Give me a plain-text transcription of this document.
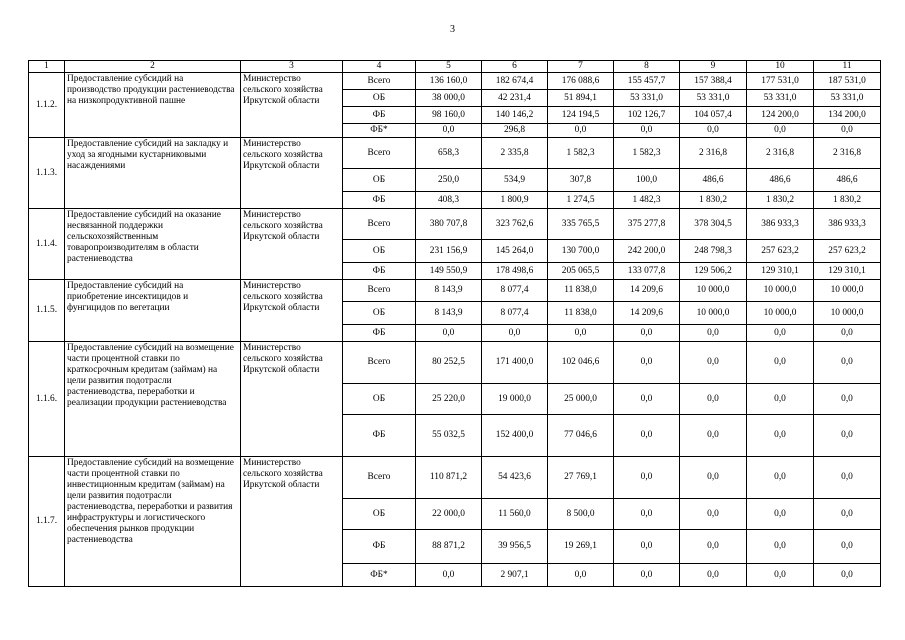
3
1	2	3	4	5	6	7	8	9	10	11
1.1.2.	Предоставление субсидий на производство продукции растениеводства на низкопродуктивной пашне	Министерство сельского хозяйства Иркутской области	Всего	136 160,0	182 674,4	176 088,6	155 457,7	157 388,4	177 531,0	187 531,0
			ОБ	38 000,0	42 231,4	51 894,1	53 331,0	53 331,0	53 331,0	53 331,0
			ФБ	98 160,0	140 146,2	124 194,5	102 126,7	104 057,4	124 200,0	134 200,0
			ФБ*	0,0	296,8	0,0	0,0	0,0	0,0	0,0
1.1.3.	Предоставление субсидий на закладку и уход за ягодными кустарниковыми насаждениями	Министерство сельского хозяйства Иркутской области	Всего	658,3	2 335,8	1 582,3	1 582,3	2 316,8	2 316,8	2 316,8
			ОБ	250,0	534,9	307,8	100,0	486,6	486,6	486,6
			ФБ	408,3	1 800,9	1 274,5	1 482,3	1 830,2	1 830,2	1 830,2
1.1.4.	Предоставление субсидий на оказание несвязанной поддержки сельскохозяйственным товаропроизводителям в области растениеводства	Министерство сельского хозяйства Иркутской области	Всего	380 707,8	323 762,6	335 765,5	375 277,8	378 304,5	386 933,3	386 933,3
			ОБ	231 156,9	145 264,0	130 700,0	242 200,0	248 798,3	257 623,2	257 623,2
			ФБ	149 550,9	178 498,6	205 065,5	133 077,8	129 506,2	129 310,1	129 310,1
1.1.5.	Предоставление субсидий на приобретение инсектицидов и фунгицидов по вегетации	Министерство сельского хозяйства Иркутской области	Всего	8 143,9	8 077,4	11 838,0	14 209,6	10 000,0	10 000,0	10 000,0
			ОБ	8 143,9	8 077,4	11 838,0	14 209,6	10 000,0	10 000,0	10 000,0
			ФБ	0,0	0,0	0,0	0,0	0,0	0,0	0,0
1.1.6.	Предоставление субсидий на возмещение части процентной ставки по краткосрочным кредитам (займам) на цели развития подотрасли растениеводства, переработки и реализации продукции растениеводства	Министерство сельского хозяйства Иркутской области	Всего	80 252,5	171 400,0	102 046,6	0,0	0,0	0,0	0,0
			ОБ	25 220,0	19 000,0	25 000,0	0,0	0,0	0,0	0,0
			ФБ	55 032,5	152 400,0	77 046,6	0,0	0,0	0,0	0,0
1.1.7.	Предоставление субсидий на возмещение части процентной ставки по инвестиционным кредитам (займам) на цели развития подотрасли растениеводства, переработки и развития инфраструктуры и логистического обеспечения рынков продукции растениеводства	Министерство сельского хозяйства Иркутской области	Всего	110 871,2	54 423,6	27 769,1	0,0	0,0	0,0	0,0
			ОБ	22 000,0	11 560,0	8 500,0	0,0	0,0	0,0	0,0
			ФБ	88 871,2	39 956,5	19 269,1	0,0	0,0	0,0	0,0
			ФБ*	0,0	2 907,1	0,0	0,0	0,0	0,0	0,0
